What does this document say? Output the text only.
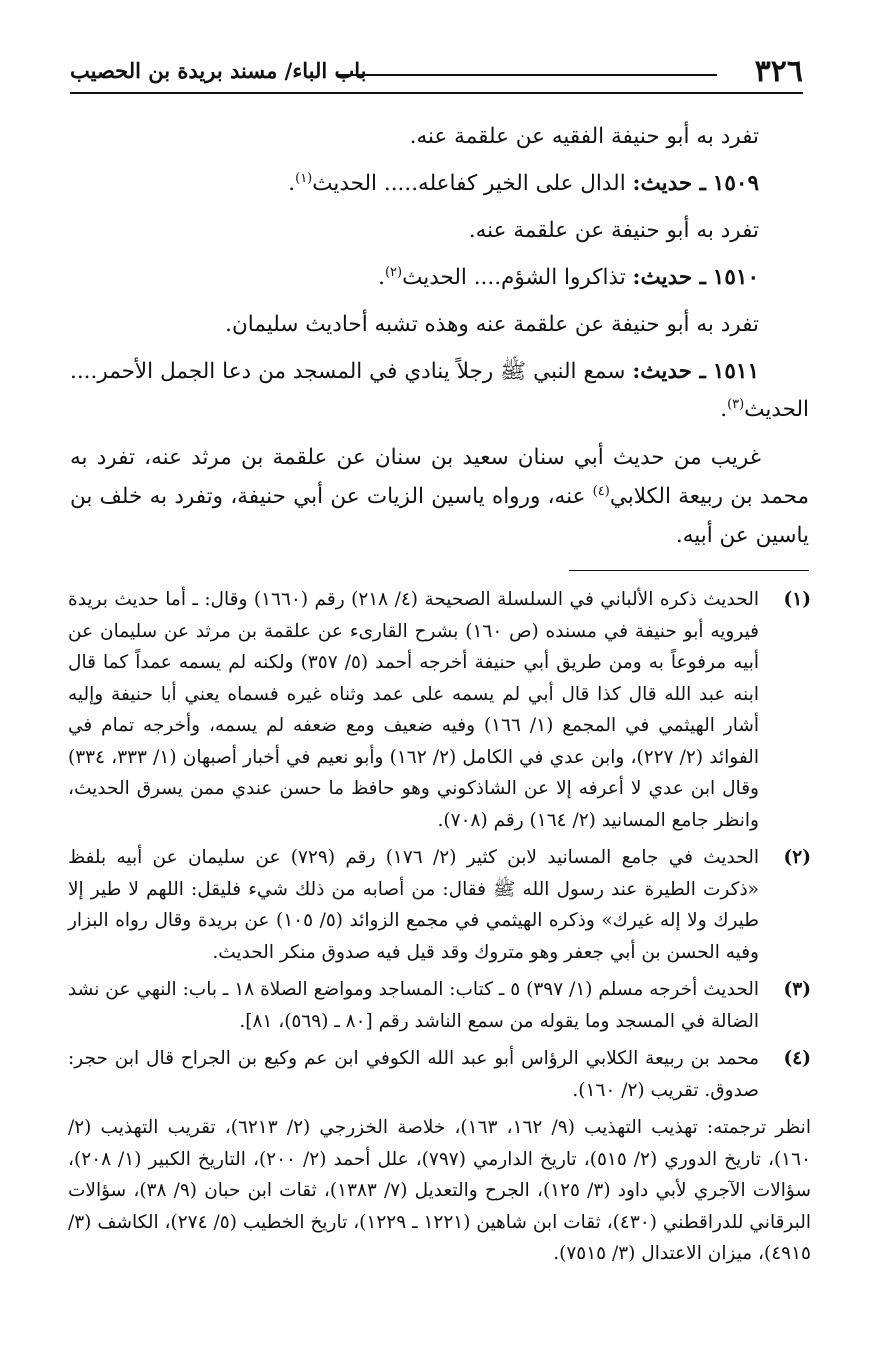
٣٢٦
باب الباء/ مسند بريدة بن الحصيب

تفرد به أبو حنيفة الفقيه عن علقمة عنه.

١٥٠٩ ـ حديث: الدال على الخير كفاعله..... الحديث$^{(١)}$.

تفرد به أبو حنيفة عن علقمة عنه.

١٥١٠ ـ حديث: تذاكروا الشؤم.... الحديث$^{(٢)}$.

تفرد به أبو حنيفة عن علقمة عنه وهذه تشبه أحاديث سليمان.

١٥١١ ـ حديث: سمع النبي ﷺ رجلاً ينادي في المسجد من دعا الجمل الأحمر.... الحديث$^{(٣)}$.

غريب من حديث أبي سنان سعيد بن سنان عن علقمة بن مرثد عنه، تفرد به محمد بن ربيعة الكلابي$^{(٤)}$ عنه، ورواه ياسين الزيات عن أبي حنيفة، وتفرد به خلف بن ياسين عن أبيه.

(١)
الحديث ذكره الألباني في السلسلة الصحيحة (٤/ ٢١٨) رقم (١٦٦٠) وقال: ـ أما حديث بريدة فيرويه أبو حنيفة في مسنده (ص ١٦٠) بشرح القارىء عن علقمة بن مرثد عن سليمان عن أبيه مرفوعاً به ومن طريق أبي حنيفة أخرجه أحمد (٥/ ٣٥٧) ولكنه لم يسمه عمداً كما قال ابنه عبد الله قال كذا قال أبي لم يسمه على عمد وثناه غيره فسماه يعني أبا حنيفة وإليه أشار الهيثمي في المجمع (١/ ١٦٦) وفيه ضعيف ومع ضعفه لم يسمه، وأخرجه تمام في الفوائد (٢/ ٢٢٧)، وابن عدي في الكامل (٢/ ١٦٢) وأبو نعيم في أخبار أصبهان (١/ ٣٣٣، ٣٣٤) وقال ابن عدي لا أعرفه إلا عن الشاذكوني وهو حافظ ما حسن عندي ممن يسرق الحديث، وانظر جامع المسانيد (٢/ ١٦٤) رقم (٧٠٨).

(٢)
الحديث في جامع المسانيد لابن كثير (٢/ ١٧٦) رقم (٧٢٩) عن سليمان عن أبيه بلفظ «ذكرت الطيرة عند رسول الله ﷺ فقال: من أصابه من ذلك شيء فليقل: اللهم لا طير إلا طيرك ولا إله غيرك» وذكره الهيثمي في مجمع الزوائد (٥/ ١٠٥) عن بريدة وقال رواه البزار وفيه الحسن بن أبي جعفر وهو متروك وقد قيل فيه صدوق منكر الحديث.

(٣)
الحديث أخرجه مسلم (١/ ٣٩٧) ٥ ـ كتاب: المساجد ومواضع الصلاة ١٨ ـ باب: النهي عن نشد الضالة في المسجد وما يقوله من سمع الناشد رقم [٨٠ ـ (٥٦٩)، ٨١].

(٤)
محمد بن ربيعة الكلابي الرؤاس أبو عبد الله الكوفي ابن عم وكيع بن الجراح قال ابن حجر: صدوق. تقريب (٢/ ١٦٠).

انظر ترجمته: تهذيب التهذيب (٩/ ١٦٢، ١٦٣)، خلاصة الخزرجي (٢/ ٦٢١٣)، تقريب التهذيب (٢/ ١٦٠)، تاريخ الدوري (٢/ ٥١٥)، تاريخ الدارمي (٧٩٧)، علل أحمد (٢/ ٢٠٠)، التاريخ الكبير (١/ ٢٠٨)، سؤالات الآجري لأبي داود (٣/ ١٢٥)، الجرح والتعديل (٧/ ١٣٨٣)، ثقات ابن حبان (٩/ ٣٨)، سؤالات البرقاني للدراقطني (٤٣٠)، ثقات ابن شاهين (١٢٢١ ـ ١٢٢٩)، تاريخ الخطيب (٥/ ٢٧٤)، الكاشف (٣/ ٤٩١٥)، ميزان الاعتدال (٣/ ٧٥١٥).
